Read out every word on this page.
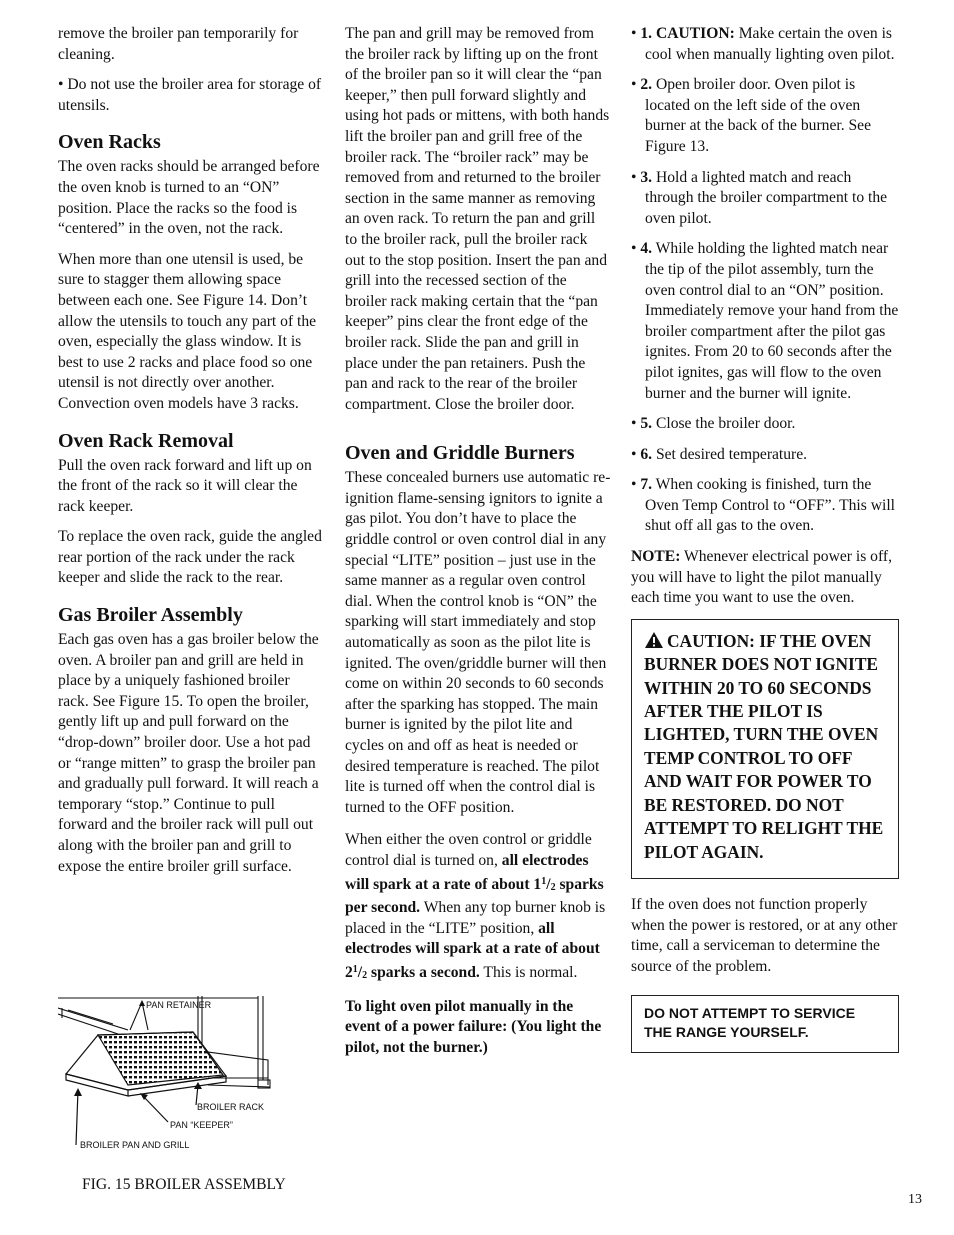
remove the broiler pan temporarily for cleaning.

• Do not use the broiler area for storage of utensils.

Oven Racks

The oven racks should be arranged before the oven knob is turned to an “ON” position. Place the racks so the food is “centered” in the oven, not the rack.

When more than one utensil is used, be sure to stagger them allowing space between each one. See Figure 14. Don’t allow the utensils to touch any part of the oven, especially the glass window. It is best to use 2 racks and place food so one utensil is not directly over another. Convection oven models have 3 racks.

Oven Rack Removal

Pull the oven rack forward and lift up on the front of the rack so it will clear the rack keeper.

To replace the oven rack, guide the angled rear portion of the rack under the rack keeper and slide the rack to the rear.

Gas Broiler Assembly

Each gas oven has a gas broiler below the oven. A broiler pan and grill are held in place by a uniquely fashioned broiler rack. See Figure 15. To open the broiler, gently lift up and pull forward on the “drop-down” broiler door. Use a hot pad or “range mitten” to grasp the broiler pan and gradually pull forward. It will reach a temporary “stop.” Continue to pull forward and the broiler rack will pull out along with the broiler pan and grill to expose the entire broiler grill surface.

PAN RETAINER
BROILER RACK
PAN “KEEPER”
BROILER PAN AND GRILL
FIG. 15 BROILER ASSEMBLY

The pan and grill may be removed from the broiler rack by lifting up on the front of the broiler pan so it will clear the “pan keeper,” then pull forward slightly and using hot pads or mittens, with both hands lift the broiler pan and grill free of the broiler rack. The “broiler rack” may be removed from and returned to the broiler section in the same manner as removing an oven rack. To return the pan and grill to the broiler rack, pull the broiler rack out to the stop position. Insert the pan and grill into the recessed section of the broiler rack making certain that the “pan keeper” pins clear the front edge of the broiler rack. Slide the pan and grill in place under the pan retainers. Push the pan and rack to the rear of the broiler compartment. Close the broiler door.

Oven and Griddle Burners

These concealed burners use automatic re-ignition flame-sensing ignitors to ignite a gas pilot. You don’t have to place the griddle control or oven control dial in any special “LITE” position – just use in the same manner as a regular oven control dial. When the control knob is “ON” the sparking will start immediately and stop automatically as soon as the pilot lite is ignited. The oven/griddle burner will then come on within 20 seconds to 60 seconds after the sparking has stopped. The main burner is ignited by the pilot lite and cycles on and off as heat is needed or desired temperature is reached. The pilot lite is turned off when the control dial is turned to the OFF position.

When either the oven control or griddle control dial is turned on, all electrodes will spark at a rate of about $1^1/_2$ sparks per second. When any top burner knob is placed in the “LITE” position, all electrodes will spark at a rate of about $2^1/_2$ sparks a second. This is normal.

To light oven pilot manually in the event of a power failure: (You light the pilot, not the burner.)

• 1. CAUTION: Make certain the oven is cool when manually lighting oven pilot.

• 2. Open broiler door. Oven pilot is located on the left side of the oven burner at the back of the burner. See Figure 13.

• 3. Hold a lighted match and reach through the broiler compartment to the oven pilot.

• 4. While holding the lighted match near the tip of the pilot assembly, turn the oven control dial to an “ON” position. Immediately remove your hand from the broiler compartment after the pilot gas ignites. From 20 to 60 seconds after the pilot ignites, gas will flow to the oven burner and the burner will ignite.

• 5. Close the broiler door.

• 6. Set desired temperature.

• 7. When cooking is finished, turn the Oven Temp Control to “OFF”. This will shut off all gas to the oven.

NOTE: Whenever electrical power is off, you will have to light the pilot manually each time you want to use the oven.

CAUTION: IF THE OVEN BURNER DOES NOT IGNITE WITHIN 20 TO 60 SECONDS AFTER THE PILOT IS LIGHTED, TURN THE OVEN TEMP CONTROL TO OFF AND WAIT FOR POWER TO BE RESTORED. DO NOT ATTEMPT TO RELIGHT THE PILOT AGAIN.

If the oven does not function properly when the power is restored, or at any other time, call a serviceman to determine the source of the problem.

DO NOT ATTEMPT TO SERVICE THE RANGE YOURSELF.
13
